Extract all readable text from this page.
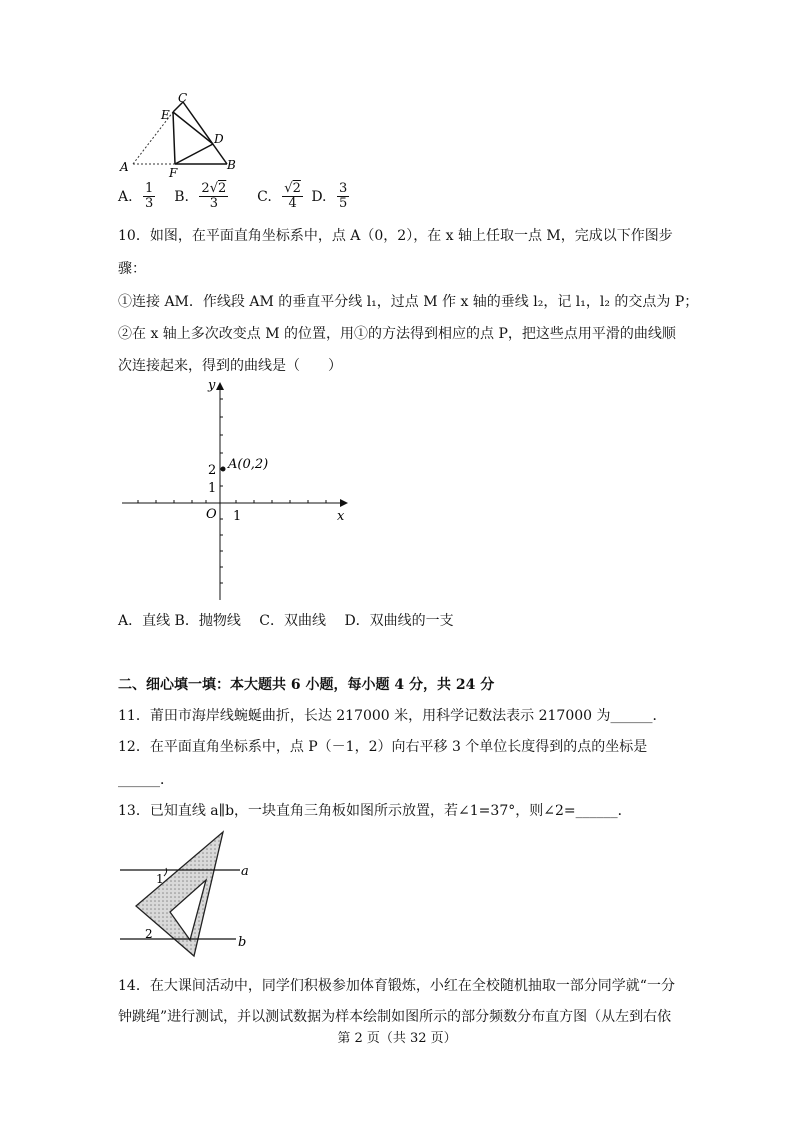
C
E
D
A	F
B
A. $\frac{1}{3} B$. $\frac{2√2}{3} C$. $\frac{√2}{4} D$. $\frac{3}{5}$
10．如图，在平面直角坐标系中，点 A（0，2），在 x 轴上任取一点 M，完成以下作图步
骤：
①连接 AM．作线段 AM 的垂直平分线 l₁，过点 M 作 x 轴的垂线 l₂，记 l₁，l₂ 的交点为 P；
②在 x 轴上多次改变点 M 的位置，用①的方法得到相应的点 P，把这些点用平滑的曲线顺
次连接起来，得到的曲线是（　　）
y
x
O 1
1
2 A(0,2)
A．直线 B．抛物线　 C．双曲线　 D．双曲线的一支
二、细心填一填：本大题共 6 小题，每小题 4 分，共 24 分
11．莆田市海岸线蜿蜒曲折，长达 217000 米，用科学记数法表示 217000 为______．
12．在平面直角坐标系中，点 P（－1，2）向右平移 3 个单位长度得到的点的坐标是
______．
13．已知直线 a∥b，一块直角三角板如图所示放置，若∠1=37°，则∠2=______．
a
b
1
2
14．在大课间活动中，同学们积极参加体育锻炼，小红在全校随机抽取一部分同学就“一分
钟跳绳”进行测试，并以测试数据为样本绘制如图所示的部分频数分布直方图（从左到右依
第 2 页（共 32 页）
